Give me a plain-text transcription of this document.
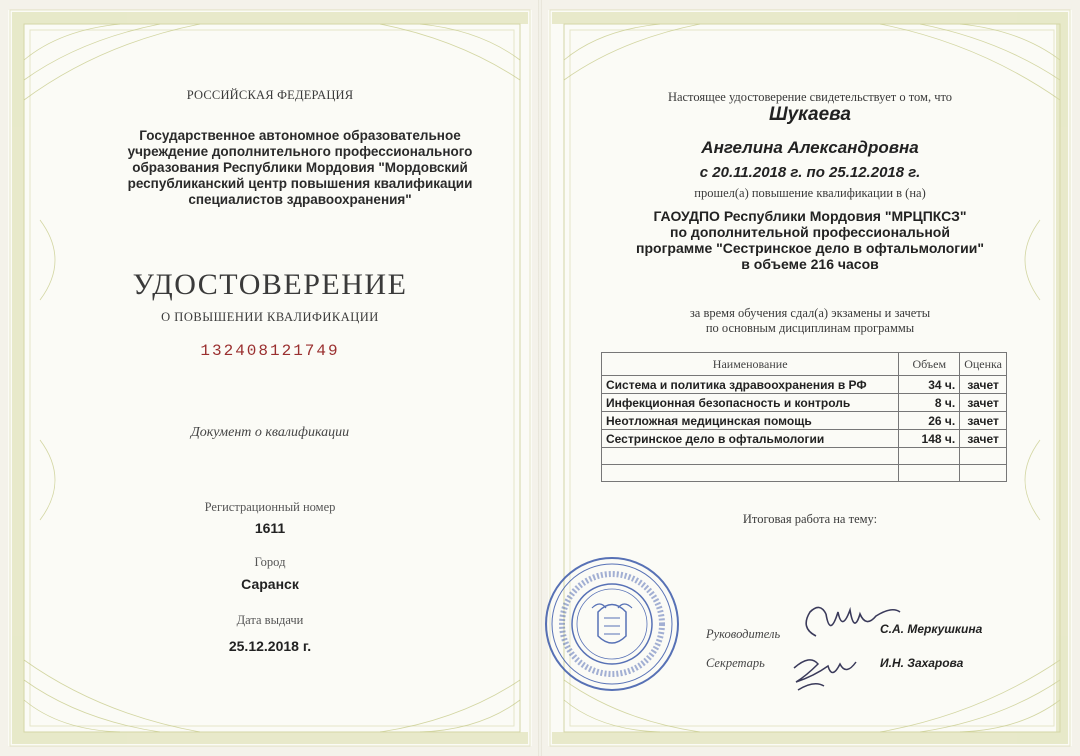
РОССИЙСКАЯ ФЕДЕРАЦИЯ
Государственное автономное образовательное
учреждение дополнительного профессионального
образования Республики Мордовия "Мордовский
республиканский центр повышения квалификации
специалистов здравоохранения"
УДОСТОВЕРЕНИЕ
О ПОВЫШЕНИИ КВАЛИФИКАЦИИ
132408121749
Документ о квалификации
Регистрационный номер
1611
Город
Саранск
Дата выдачи
25.12.2018 г.
Настоящее удостоверение свидетельствует о том, что
Шукаева
Ангелина Александровна
с 20.11.2018 г. по 25.12.2018 г.
прошел(а) повышение квалификации в (на)
ГАОУДПО Республики Мордовия "МРЦПКСЗ"
по дополнительной профессиональной
программе "Сестринское дело в офтальмологии"
в объеме 216 часов
за время обучения сдал(а) экзамены и зачеты
по основным дисциплинам программы
Наименование	Объем	Оценка
Система и политика здравоохранения в РФ	34 ч.	зачет
Инфекционная безопасность и контроль	8 ч.	зачет
Неотложная медицинская помощь	26 ч.	зачет
Сестринское дело в офтальмологии	148 ч.	зачет

Итоговая работа на тему:
Руководитель	С.А. Меркушкина
Секретарь	И.Н. Захарова
